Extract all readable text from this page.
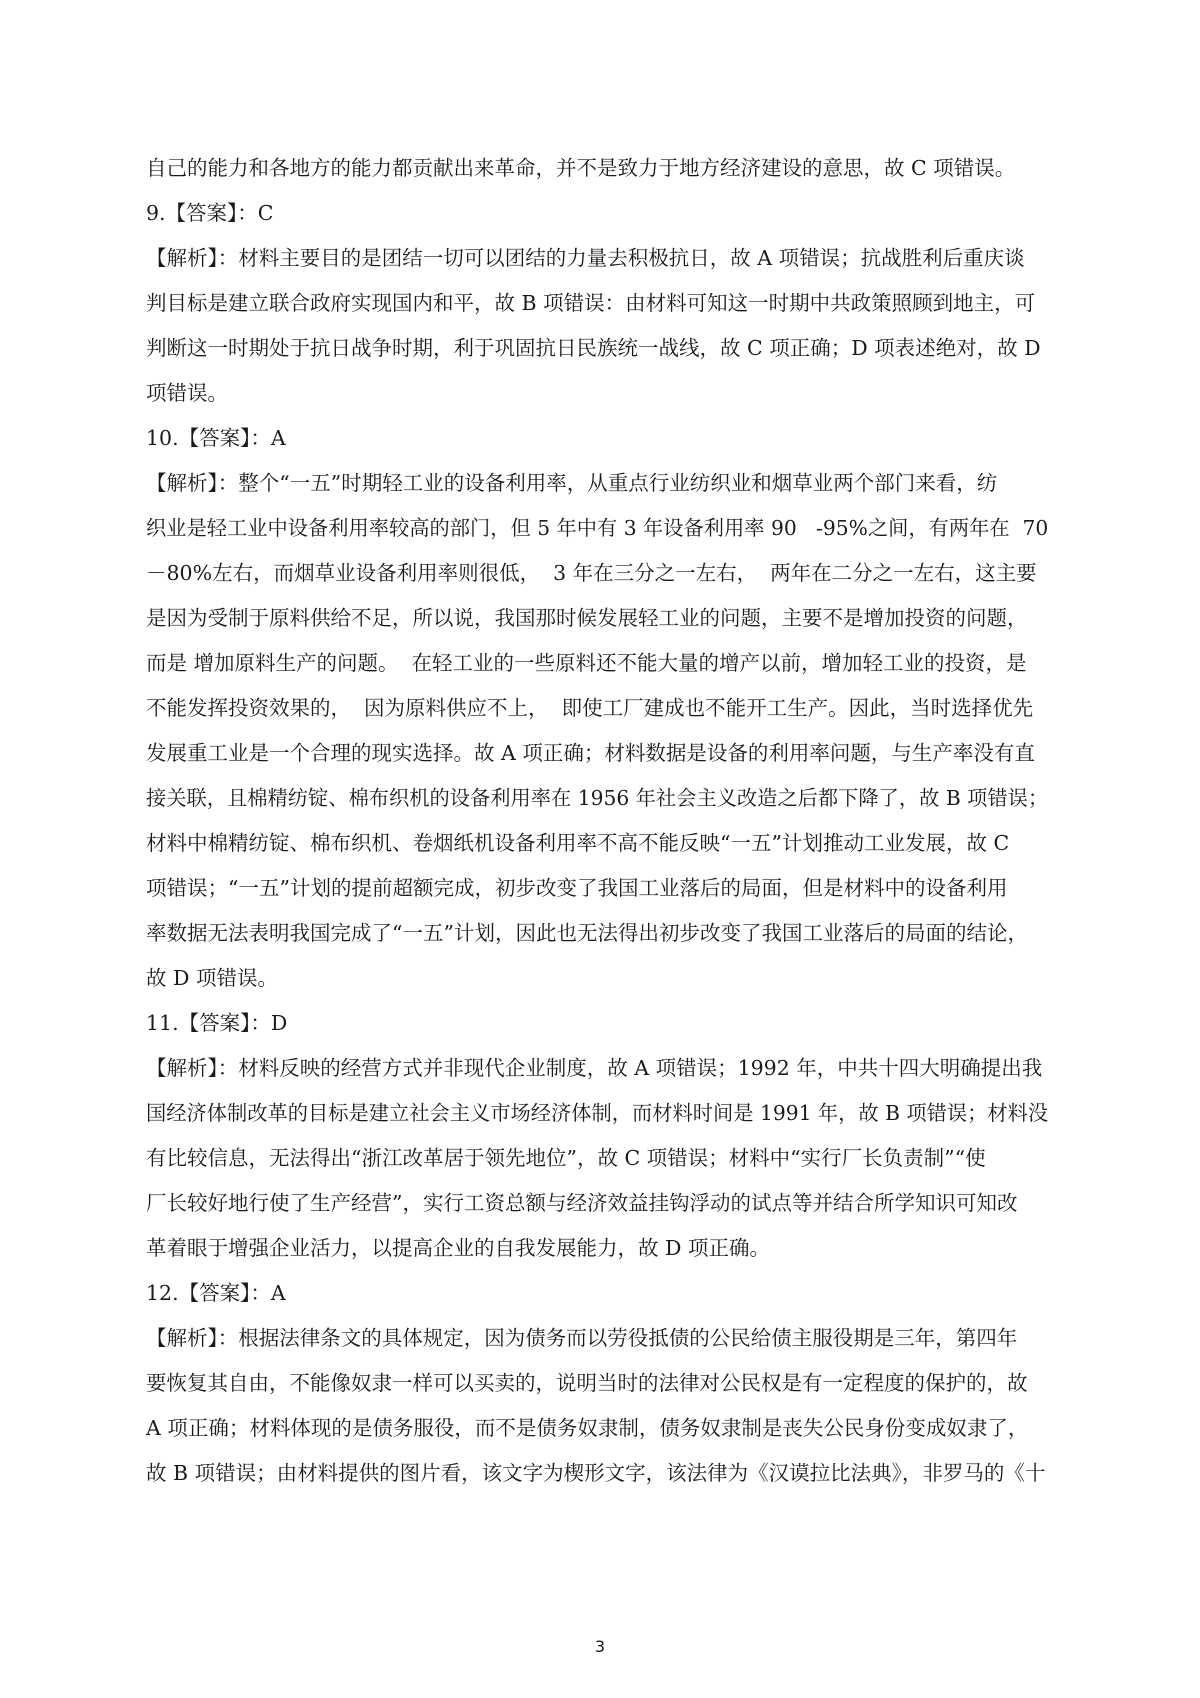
自己的能力和各地方的能力都贡献出来革命，并不是致力于地方经济建设的意思，故 C 项错误。
9.【答案】：C
【解析】：材料主要目的是团结一切可以团结的力量去积极抗日，故 A 项错误；抗战胜利后重庆谈
判目标是建立联合政府实现国内和平，故 B 项错误：由材料可知这一时期中共政策照顾到地主，可
判断这一时期处于抗日战争时期，利于巩固抗日民族统一战线，故 C 项正确；D 项表述绝对，故 D
项错误。
10.【答案】：A
【解析】：整个“一五”时期轻工业的设备利用率，从重点行业纺织业和烟草业两个部门来看，纺
织业是轻工业中设备利用率较高的部门，但 5 年中有 3 年设备利用率 90   -95%之间，有两年在  70
－80%左右，而烟草业设备利用率则很低，  3 年在三分之一左右，  两年在二分之一左右，这主要
是因为受制于原料供给不足，所以说，我国那时候发展轻工业的问题，主要不是增加投资的问题，
而是 增加原料生产的问题。  在轻工业的一些原料还不能大量的增产以前，增加轻工业的投资，是
不能发挥投资效果的，  因为原料供应不上，  即使工厂建成也不能开工生产。因此，当时选择优先
发展重工业是一个合理的现实选择。故 A 项正确；材料数据是设备的利用率问题，与生产率没有直
接关联，且棉精纺锭、棉布织机的设备利用率在 1956 年社会主义改造之后都下降了，故 B 项错误；
材料中棉精纺锭、棉布织机、卷烟纸机设备利用率不高不能反映“一五”计划推动工业发展，故 C
项错误；“一五”计划的提前超额完成，初步改变了我国工业落后的局面，但是材料中的设备利用
率数据无法表明我国完成了“一五”计划，因此也无法得出初步改变了我国工业落后的局面的结论，
故 D 项错误。
11.【答案】：D
【解析】：材料反映的经营方式并非现代企业制度，故 A 项错误；1992 年，中共十四大明确提出我
国经济体制改革的目标是建立社会主义市场经济体制，而材料时间是 1991 年，故 B 项错误；材料没
有比较信息，无法得出“浙江改革居于领先地位”，故 C 项错误；材料中“实行厂长负责制”“使
厂长较好地行使了生产经营”，实行工资总额与经济效益挂钩浮动的试点等并结合所学知识可知改
革着眼于增强企业活力，以提高企业的自我发展能力，故 D 项正确。
12.【答案】：A
【解析】：根据法律条文的具体规定，因为债务而以劳役抵债的公民给债主服役期是三年，第四年
要恢复其自由，不能像奴隶一样可以买卖的，说明当时的法律对公民权是有一定程度的保护的，故
A 项正确；材料体现的是债务服役，而不是债务奴隶制，债务奴隶制是丧失公民身份变成奴隶了，
故 B 项错误；由材料提供的图片看，该文字为楔形文字，该法律为《汉谟拉比法典》，非罗马的《十
3
